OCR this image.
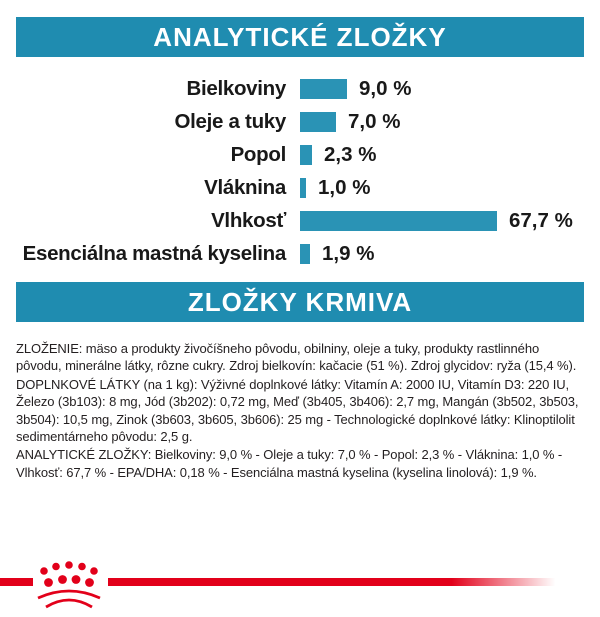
ANALYTICKÉ ZLOŽKY
Bielkoviny	9,0 %
Oleje a tuky	7,0 %
Popol 2,3 %
Vláknina 1,0 %
Vlhkosť	67,7 %
Esenciálna mastná kyselina 1,9 %
ZLOŽKY KRMIVA

ZLOŽENIE: mäso a produkty živočíšneho pôvodu, obilniny, oleje a tuky, produkty rastlinného pôvodu, minerálne látky, rôzne cukry. Zdroj bielkovín: kačacie (51 %). Zdroj glycidov: ryža (15,4 %).

DOPLNKOVÉ LÁTKY (na 1 kg): Výživné doplnkové látky: Vitamín A: 2000 IU, Vitamín D3: 220 IU, Železo (3b103): 8 mg, Jód (3b202): 0,72 mg, Meď (3b405, 3b406): 2,7 mg, Mangán (3b502, 3b503, 3b504): 10,5 mg, Zinok (3b603, 3b605, 3b606): 25 mg - Technologické doplnkové látky: Klinoptilolit sedimentárneho pôvodu: 2,5 g.

ANALYTICKÉ ZLOŽKY: Bielkoviny: 9,0 % - Oleje a tuky: 7,0 % - Popol: 2,3 % - Vláknina: 1,0 % - Vlhkosť: 67,7 % - EPA/DHA: 0,18 % - Esenciálna mastná kyselina (kyselina linolová): 1,9 %.
